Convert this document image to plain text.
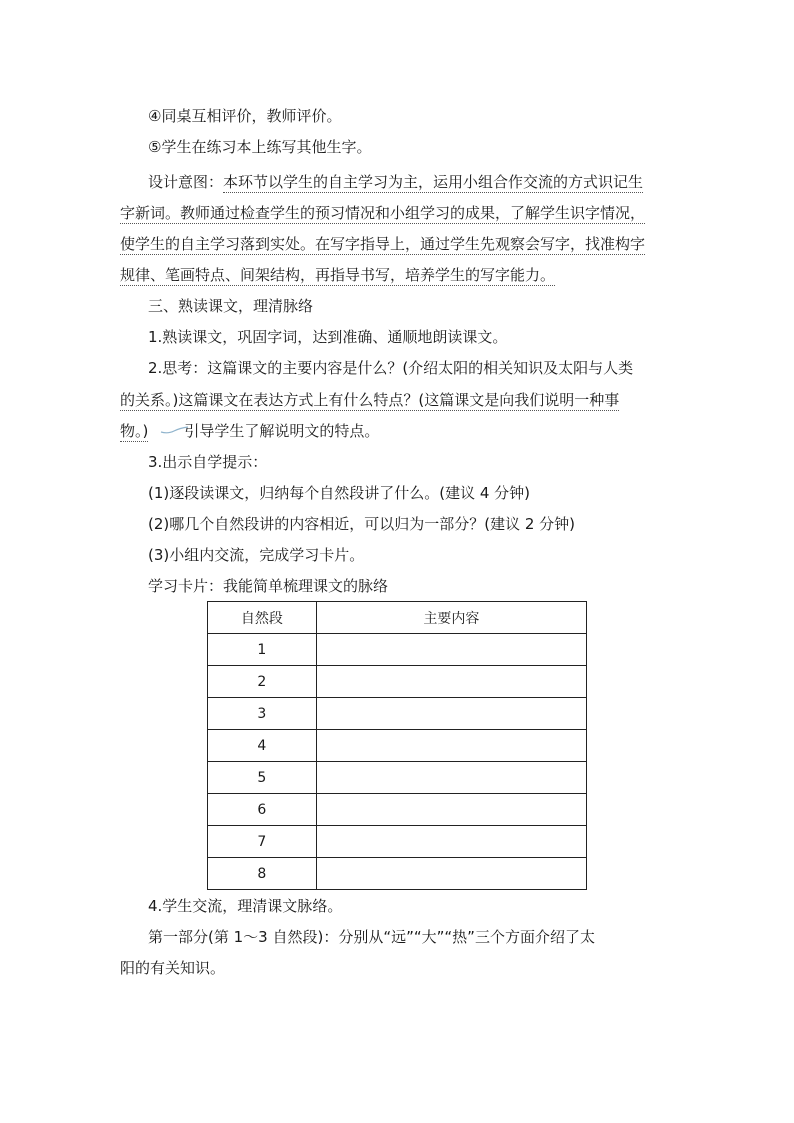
④同桌互相评价，教师评价。
⑤学生在练习本上练写其他生字。
设计意图：本环节以学生的自主学习为主，运用小组合作交流的方式识记生
字新词。教师通过检查学生的预习情况和小组学习的成果，了解学生识字情况，
使学生的自主学习落到实处。在写字指导上，通过学生先观察会写字，找准构字
规律、笔画特点、间架结构，再指导书写，培养学生的写字能力。
三、熟读课文，理清脉络
1.熟读课文，巩固字词，达到准确、通顺地朗读课文。
2.思考：这篇课文的主要内容是什么？(介绍太阳的相关知识及太阳与人类
的关系。)这篇课文在表达方式上有什么特点？(这篇课文是向我们说明一种事
物。) 引导学生了解说明文的特点。
3.出示自学提示：
(1)逐段读课文，归纳每个自然段讲了什么。(建议 4 分钟)
(2)哪几个自然段讲的内容相近，可以归为一部分？(建议 2 分钟)
(3)小组内交流，完成学习卡片。
学习卡片：我能简单梳理课文的脉络
自然段	主要内容
1	
2	
3	
4	
5	
6	
7	
8	
4.学生交流，理清课文脉络。
第一部分(第 1～3 自然段)：分别从“远”“大”“热”三个方面介绍了太
阳的有关知识。
